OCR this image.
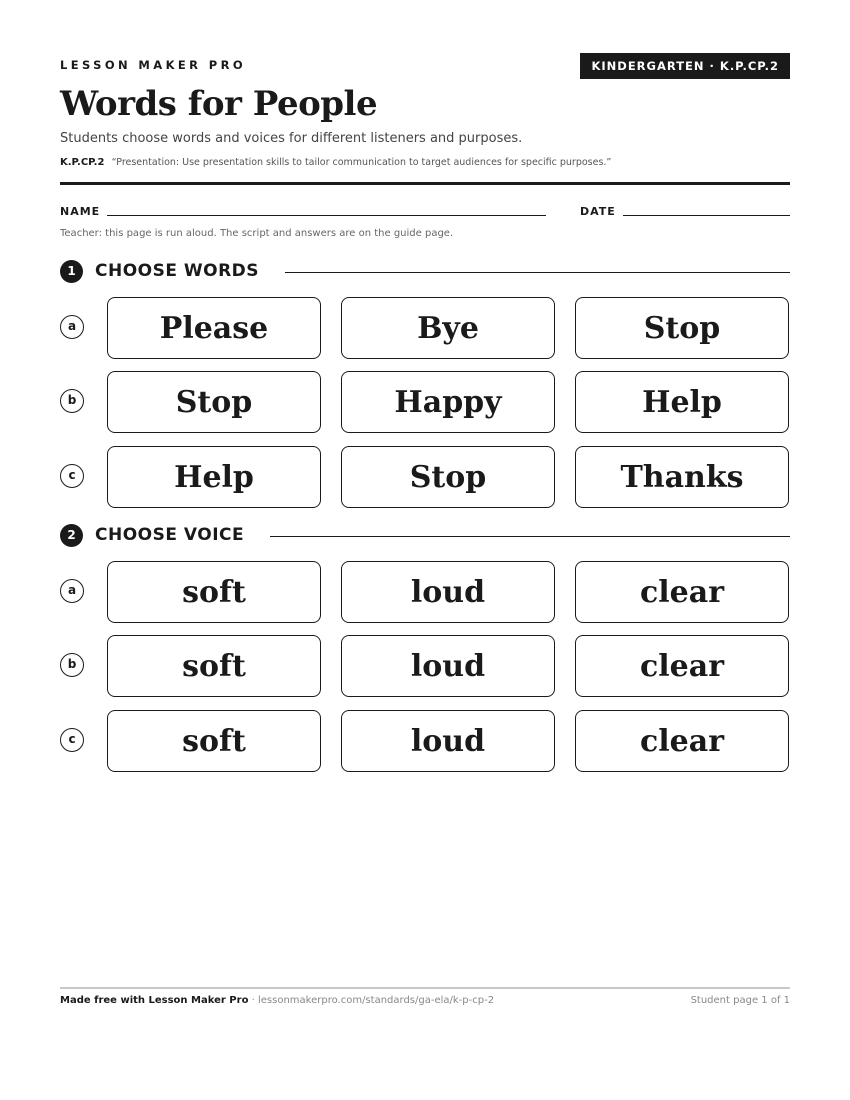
LESSON MAKER PRO	KINDERGARTEN · K.P.CP.2
Words for People
Students choose words and voices for different listeners and purposes.
K.P.CP.2 “Presentation: Use presentation skills to tailor communication to target audiences for specific purposes.”
NAME	DATE
Teacher: this page is run aloud. The script and answers are on the guide page.
1	CHOOSE WORDS
a	Please	Bye	Stop
b	Stop	Happy	Help
c	Help	Stop	Thanks
2	CHOOSE VOICE
a	soft	loud	clear
b	soft	loud	clear
c	soft	loud	clear
Made free with Lesson Maker Pro · lessonmakerpro.com/standards/ga-ela/k-p-cp-2	Student page 1 of 1
